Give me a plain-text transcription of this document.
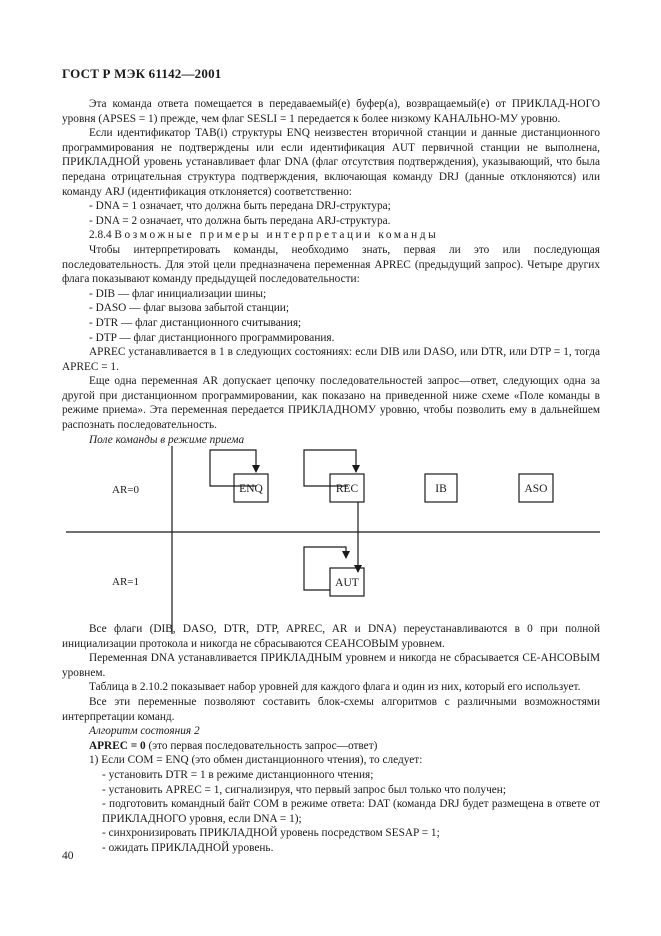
ГОСТ Р МЭК 61142—2001

Эта команда ответа помещается в передаваемый(е) буфер(а), возвращаемый(е) от ПРИКЛАД-НОГО уровня (APSES = 1) прежде, чем флаг SESLI = 1 передается к более низкому КАНАЛЬНО-МУ уровню.

Если идентификатор TAB(i) структуры ENQ неизвестен вторичной станции и данные дистанционного программирования не подтверждены или если идентификация AUT первичной станции не выполнена, ПРИКЛАДНОЙ уровень устанавливает флаг DNA (флаг отсутствия подтверждения), указывающий, что была передана отрицательная структура подтверждения, включающая команду DRJ (данные отклоняются) или команду ARJ (идентификация отклоняется) соответственно:

- DNA = 1 означает, что должна быть передана DRJ-структура;

- DNA = 2 означает, что должна быть передана ARJ-структура.

2.8.4 Возможные примеры интерпретации команды

Чтобы интерпретировать команды, необходимо знать, первая ли это или последующая последовательность. Для этой цели предназначена переменная APREC (предыдущий запрос). Четыре других флага показывают команду предыдущей последовательности:

- DIB — флаг инициализации шины;

- DASO — флаг вызова забытой станции;

- DTR — флаг дистанционного считывания;

- DTP — флаг дистанционного программирования.

APREC устанавливается в 1 в следующих состояниях: если DIB или DASO, или DTR, или DTP = 1, тогда APREC = 1.

Еще одна переменная AR допускает цепочку последовательностей запрос—ответ, следующих одна за другой при дистанционном программировании, как показано на приведенной ниже схеме «Поле команды в режиме приема». Эта переменная передается ПРИКЛАДНОМУ уровню, чтобы позволить ему в дальнейшем распознать последовательность.

Поле команды в режиме приема

ENQ	REC	IB	ASO
AUT
AR=0
AR=1

Все флаги (DIB, DASO, DTR, DTP, APREC, AR и DNA) переустанавливаются в 0 при полной инициализации протокола и никогда не сбрасываются СЕАНСОВЫМ уровнем.

Переменная DNA устанавливается ПРИКЛАДНЫМ уровнем и никогда не сбрасывается СЕ-АНСОВЫМ уровнем.

Таблица в 2.10.2 показывает набор уровней для каждого флага и один из них, который его использует.

Все эти переменные позволяют составить блок-схемы алгоритмов с различными возможностями интерпретации команд.

Алгоритм состояния 2

APREC = 0 (это первая последовательность запрос—ответ)

1) Если COM = ENQ (это обмен дистанционного чтения), то следует:

- установить DTR = 1 в режиме дистанционного чтения;

- установить APREC = 1, сигнализируя, что первый запрос был только что получен;

- подготовить командный байт COM в режиме ответа: DAT (команда DRJ будет размещена в ответе от ПРИКЛАДНОГО уровня, если DNA = 1);

- синхронизировать ПРИКЛАДНОЙ уровень посредством SESAP = 1;

- ожидать ПРИКЛАДНОЙ уровень.

40
